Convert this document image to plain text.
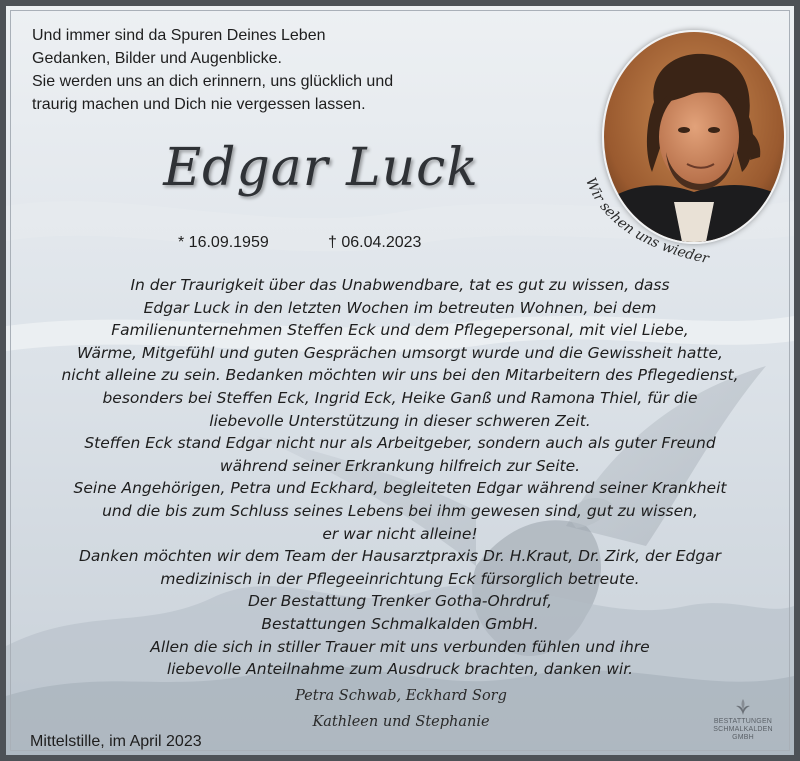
Und immer sind da Spuren Deines Leben
Gedanken, Bilder und Augenblicke.
Sie werden uns an dich erinnern, uns glücklich und
traurig machen und Dich nie vergessen lassen.
Edgar Luck
* 16.09.1959	† 06.04.2023
Wir sehen uns wieder
In der Traurigkeit über das Unabwendbare, tat es gut zu wissen, dass
Edgar Luck in den letzten Wochen im betreuten Wohnen, bei dem
Familienunternehmen Steffen Eck und dem Pflegepersonal, mit viel Liebe,
Wärme, Mitgefühl und guten Gesprächen umsorgt wurde und die Gewissheit hatte,
nicht alleine zu sein. Bedanken möchten wir uns bei den Mitarbeitern des Pflegedienst,
besonders bei Steffen Eck, Ingrid Eck, Heike Ganß und Ramona Thiel, für die
liebevolle Unterstützung in dieser schweren Zeit.
Steffen Eck stand Edgar nicht nur als Arbeitgeber, sondern auch als guter Freund
während seiner Erkrankung hilfreich zur Seite.
Seine Angehörigen, Petra und Eckhard, begleiteten Edgar während seiner Krankheit
und die bis zum Schluss seines Lebens bei ihm gewesen sind, gut zu wissen,
er war nicht alleine!
Danken möchten wir dem Team der Hausarztpraxis Dr. H.Kraut, Dr. Zirk, der Edgar
medizinisch in der Pflegeeinrichtung Eck fürsorglich betreute.
Der Bestattung Trenker Gotha-Ohrdruf,
Bestattungen Schmalkalden GmbH.
Allen die sich in stiller Trauer mit uns verbunden fühlen und ihre
liebevolle Anteilnahme zum Ausdruck brachten, danken wir.
Petra Schwab, Eckhard Sorg
Kathleen und Stephanie
Mittelstille, im April 2023
BESTATTUNGEN
SCHMALKALDEN
GMBH
